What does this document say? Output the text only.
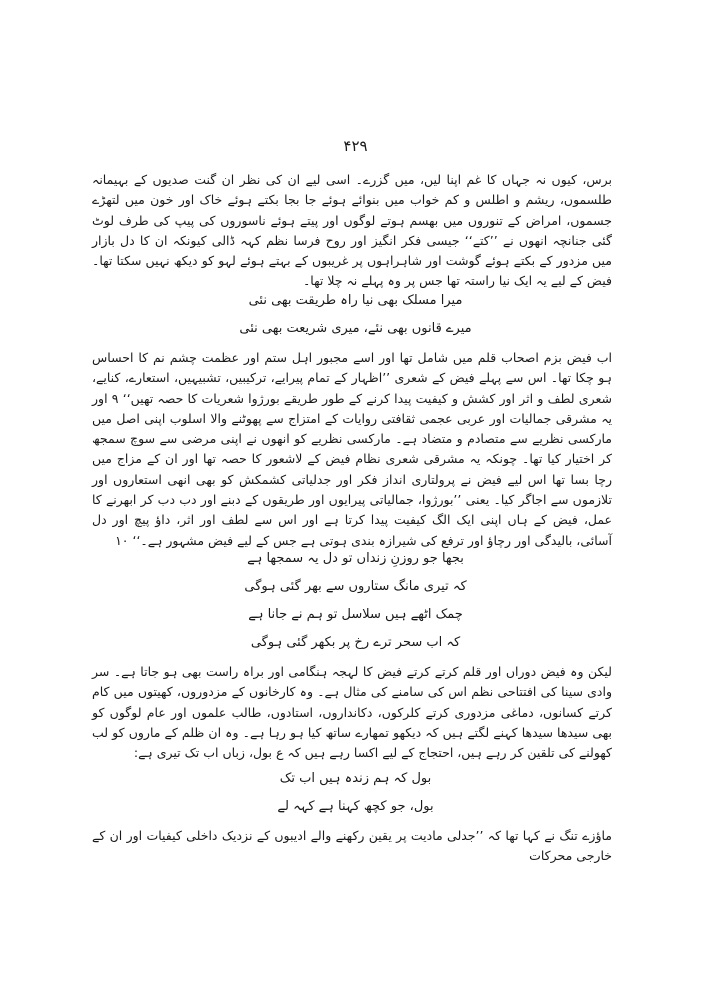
۴۲۹

برس، کیوں نہ جہاں کا غم اپنا لیں، میں گزرے۔ اسی لیے ان کی نظر ان گنت صدیوں کے بہیمانہ طلسموں، ریشم و اطلس و کم خواب میں بنوائے ہوئے جا بجا بکتے ہوئے خاک اور خون میں لتھڑے جسموں، امراض کے تنوروں میں بھسم ہوتے لوگوں اور پیتے ہوئے ناسوروں کی پیپ کی طرف لوٹ گئی جنانچہ انھوں نے ’’کتے‘‘ جیسی فکر انگیز اور روح فرسا نظم کہہ ڈالی کیونکہ ان کا دل بازار میں مزدور کے بکتے ہوئے گوشت اور شاہراہوں پر غریبوں کے بہتے ہوئے لہو کو دیکھ نہیں سکتا تھا۔ فیض کے لیے یہ ایک نیا راستہ تھا جس پر وہ پہلے نہ چلا تھا۔

میرا مسلک بھی نیا راہ طریقت بھی نئی

میرے قانوں بھی نئے، میری شریعت بھی نئی

اب فیض بزم اصحاب قلم میں شامل تھا اور اسے مجبور اہل ستم اور عظمت چشم نم کا احساس ہو چکا تھا۔ اس سے پہلے فیض کے شعری ’’اظہار کے تمام پیرایے، ترکیبیں، تشبیہیں، استعارے، کنایے، شعری لطف و اثر اور کشش و کیفیت پیدا کرنے کے طور طریقے بورژوا شعریات کا حصہ تھیں‘‘ ۹ اور یہ مشرقی جمالیات اور عربی عجمی ثقافتی روایات کے امتزاج سے پھوٹنے والا اسلوب اپنی اصل میں مارکسی نظریے سے متصادم و متضاد ہے۔ مارکسی نظریے کو انھوں نے اپنی مرضی سے سوچ سمجھ کر اختیار کیا تھا۔ چونکہ یہ مشرقی شعری نظام فیض کے لاشعور کا حصہ تھا اور ان کے مزاج میں رچا بسا تھا اس لیے فیض نے پرولتاری انداز فکر اور جدلیاتی کشمکش کو بھی انھی استعاروں اور تلازموں سے اجاگر کیا۔ یعنی ’’بورژوا، جمالیاتی پیرایوں اور طریقوں کے دبنے اور دب دب کر ابھرنے کا عمل، فیض کے ہاں اپنی ایک الگ کیفیت پیدا کرتا ہے اور اس سے لطف اور اثر، داؤ پیچ اور دل آسائی، بالیدگی اور رچاؤ اور ترفع کی شیرازہ بندی ہوتی ہے جس کے لیے فیض مشہور ہے۔‘‘ ۱۰

بجھا جو روزنِ زنداں تو دل یہ سمجھا ہے

کہ تیری مانگ ستاروں سے بھر گئی ہوگی

چمک اٹھے ہیں سلاسل تو ہم نے جانا ہے

کہ اب سحر ترے رخ پر بکھر گئی ہوگی

لیکن وہ فیض دوراں اور قلم کرتے کرتے فیض کا لہجہ ہنگامی اور براہ راست بھی ہو جاتا ہے۔ سر وادی سینا کی افتتاحی نظم اس کی سامنے کی مثال ہے۔ وہ کارخانوں کے مزدوروں، کھیتوں میں کام کرتے کسانوں، دماغی مزدوری کرتے کلرکوں، دکانداروں، استادوں، طالب علموں اور عام لوگوں کو بھی سیدھا سیدھا کہنے لگتے ہیں کہ دیکھو تمھارے ساتھ کیا ہو رہا ہے۔ وہ ان ظلم کے ماروں کو لب کھولنے کی تلقین کر رہے ہیں، احتجاج کے لیے اکسا رہے ہیں کہ ع بول، زباں اب تک تیری ہے:

بول کہ ہم زندہ ہیں اب تک

بول، جو کچھ کہنا ہے کہہ لے

ماؤزے تنگ نے کہا تھا کہ ’’جدلی مادیت پر یقین رکھنے والے ادیبوں کے نزدیک داخلی کیفیات اور ان کے خارجی محرکات
